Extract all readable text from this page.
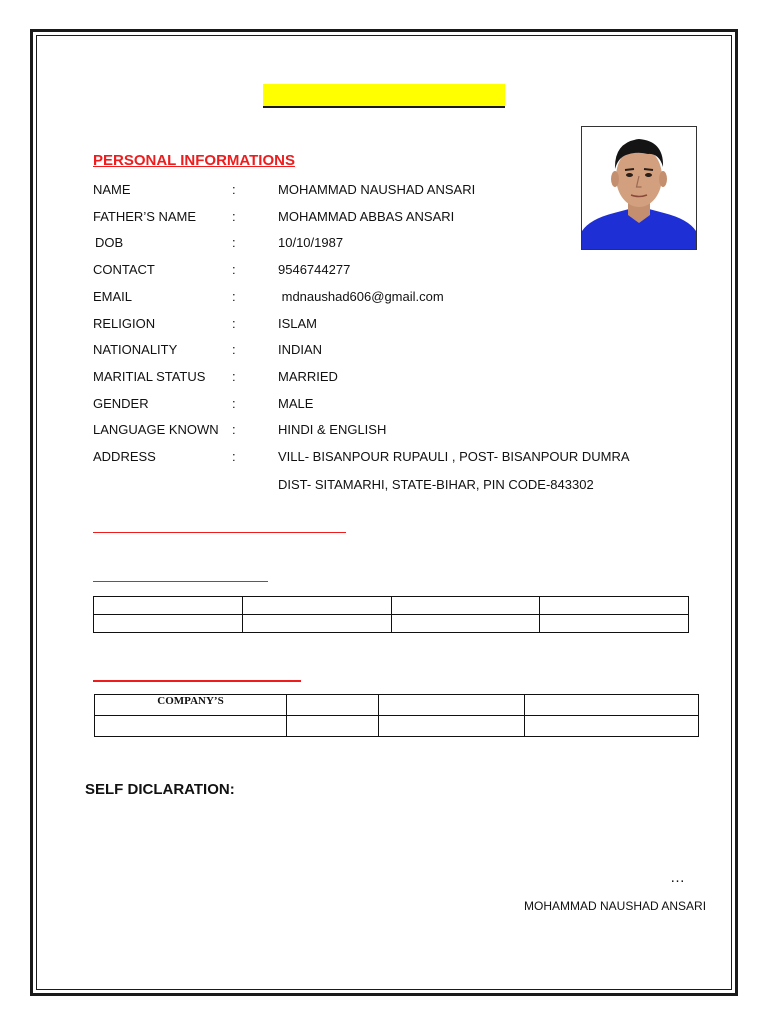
PERSONAL INFORMATIONS
NAME	:	MOHAMMAD NAUSHAD ANSARI
FATHER’S NAME	:	MOHAMMAD ABBAS ANSARI
DOB	:	10/10/1987
CONTACT	:	9546744277
EMAIL	:	mdnaushad606@gmail.com
RELIGION	:	ISLAM
NATIONALITY	:	INDIAN
MARITIAL STATUS :	MARRIED
GENDER	:	MALE
LANGUAGE KNOWN :	HINDI & ENGLISH
ADDRESS	:	VILL- BISANPOUR RUPAULI , POST- BISANPOUR DUMRA
DIST- SITAMARHI, STATE-BIHAR, PIN CODE-843302

COMPANY’S			

SELF DICLARATION:
…
MOHAMMAD NAUSHAD ANSARI
